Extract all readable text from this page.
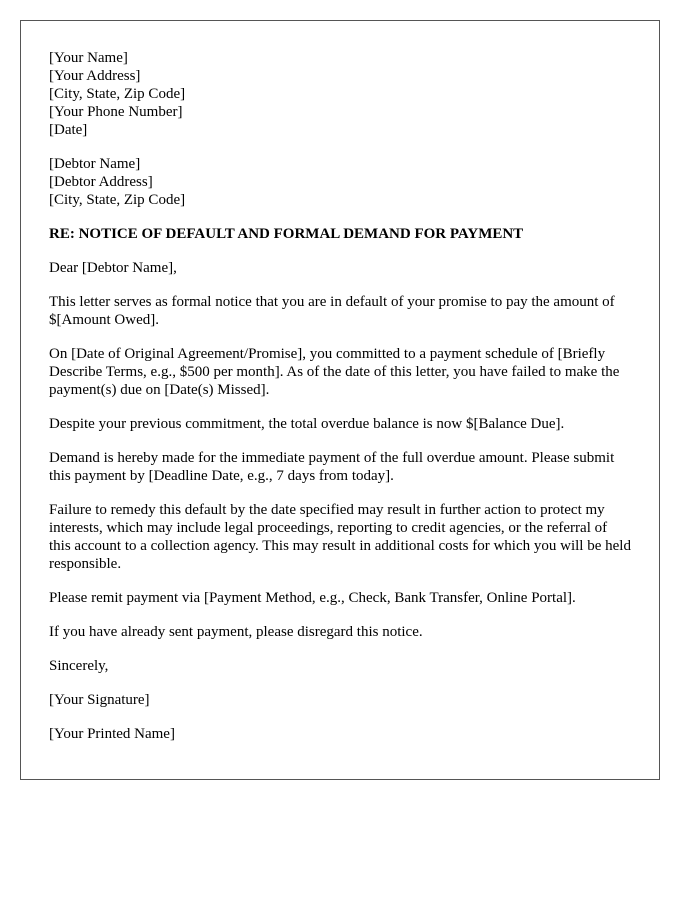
[Your Name]
[Your Address]
[City, State, Zip Code]
[Your Phone Number]
[Date]
[Debtor Name]
[Debtor Address]
[City, State, Zip Code]
RE: NOTICE OF DEFAULT AND FORMAL DEMAND FOR PAYMENT

Dear [Debtor Name],

This letter serves as formal notice that you are in default of your promise to pay the amount of $[Amount Owed].

On [Date of Original Agreement/Promise], you committed to a payment schedule of [Briefly Describe Terms, e.g., $500 per month]. As of the date of this letter, you have failed to make the payment(s) due on [Date(s) Missed].

Despite your previous commitment, the total overdue balance is now $[Balance Due].

Demand is hereby made for the immediate payment of the full overdue amount. Please submit this payment by [Deadline Date, e.g., 7 days from today].

Failure to remedy this default by the date specified may result in further action to protect my interests, which may include legal proceedings, reporting to credit agencies, or the referral of this account to a collection agency. This may result in additional costs for which you will be held responsible.

Please remit payment via [Payment Method, e.g., Check, Bank Transfer, Online Portal].

If you have already sent payment, please disregard this notice.

Sincerely,

[Your Signature]

[Your Printed Name]
